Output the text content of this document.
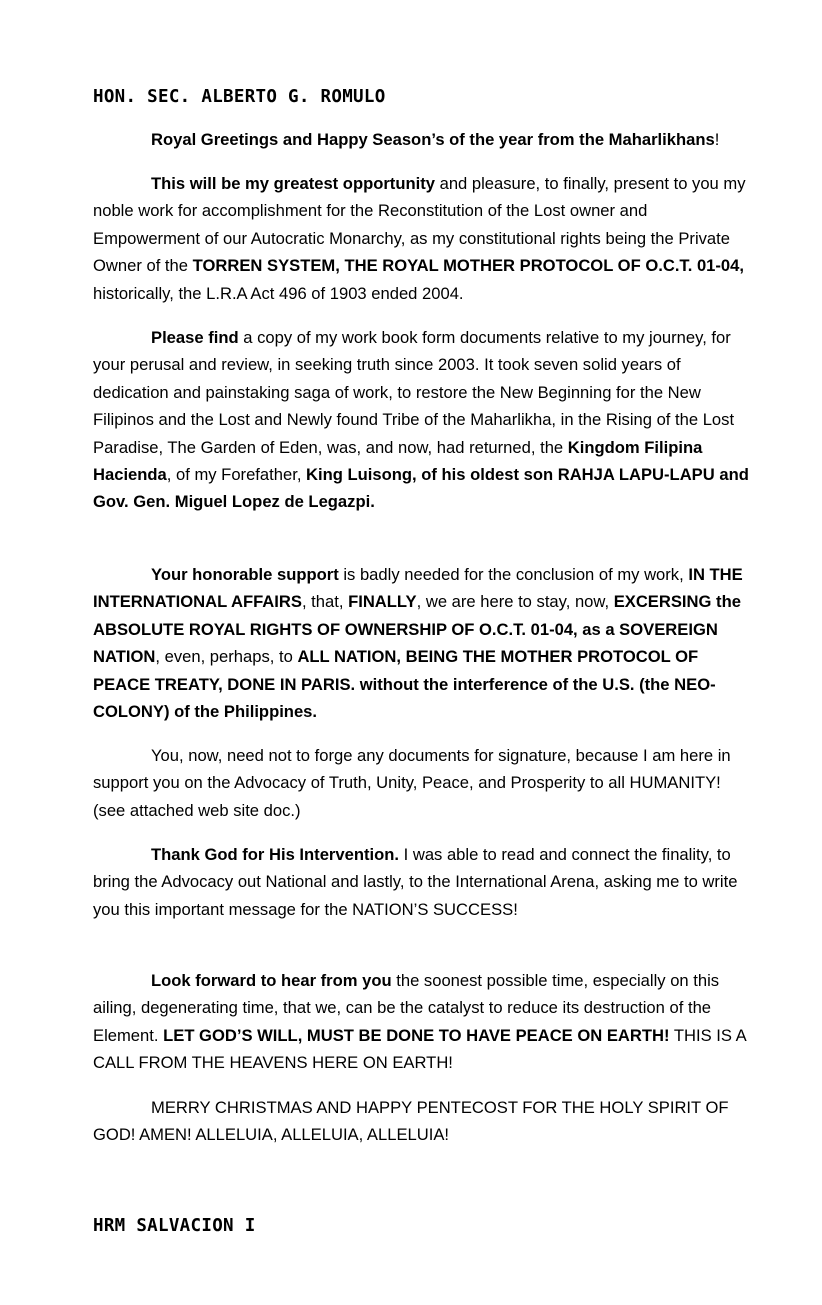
HON. SEC. ALBERTO G. ROMULO

Royal Greetings and Happy Season’s of the year from the Maharlikhans!

This will be my greatest opportunity and pleasure, to finally, present to you my noble work for accomplishment for the Reconstitution of the Lost owner and Empowerment of our Autocratic Monarchy, as my constitutional rights being the Private Owner of the TORREN SYSTEM, THE ROYAL MOTHER PROTOCOL OF O.C.T. 01-04, historically, the L.R.A Act 496 of 1903 ended 2004.

Please find a copy of my work book form documents relative to my journey, for your perusal and review, in seeking truth since 2003. It took seven solid years of dedication and painstaking saga of work, to restore the New Beginning for the New Filipinos and the Lost and Newly found Tribe of the Maharlikha, in the Rising of the Lost Paradise, The Garden of Eden, was, and now, had returned, the Kingdom Filipina Hacienda, of my Forefather, King Luisong, of his oldest son RAHJA LAPU-LAPU and Gov. Gen. Miguel Lopez de Legazpi.

Your honorable support is badly needed for the conclusion of my work, IN THE INTERNATIONAL AFFAIRS, that, FINALLY, we are here to stay, now, EXCERSING the ABSOLUTE ROYAL RIGHTS OF OWNERSHIP OF O.C.T. 01-04, as a SOVEREIGN NATION, even, perhaps, to ALL NATION, BEING THE MOTHER PROTOCOL OF PEACE TREATY, DONE IN PARIS. without the interference of the U.S. (the NEO-COLONY) of the Philippines.

You, now, need not to forge any documents for signature, because I am here in support you on the Advocacy of Truth, Unity, Peace, and Prosperity to all HUMANITY! (see attached web site doc.)

Thank God for His Intervention. I was able to read and connect the finality, to bring the Advocacy out National and lastly, to the International Arena, asking me to write you this important message for the NATION’S SUCCESS!

Look forward to hear from you the soonest possible time, especially on this ailing, degenerating time, that we, can be the catalyst to reduce its destruction of the Element. LET GOD’S WILL, MUST BE DONE TO HAVE PEACE ON EARTH! THIS IS A CALL FROM THE HEAVENS HERE ON EARTH!

MERRY CHRISTMAS AND HAPPY PENTECOST FOR THE HOLY SPIRIT OF GOD! AMEN! ALLELUIA, ALLELUIA, ALLELUIA!

HRM SALVACION I
